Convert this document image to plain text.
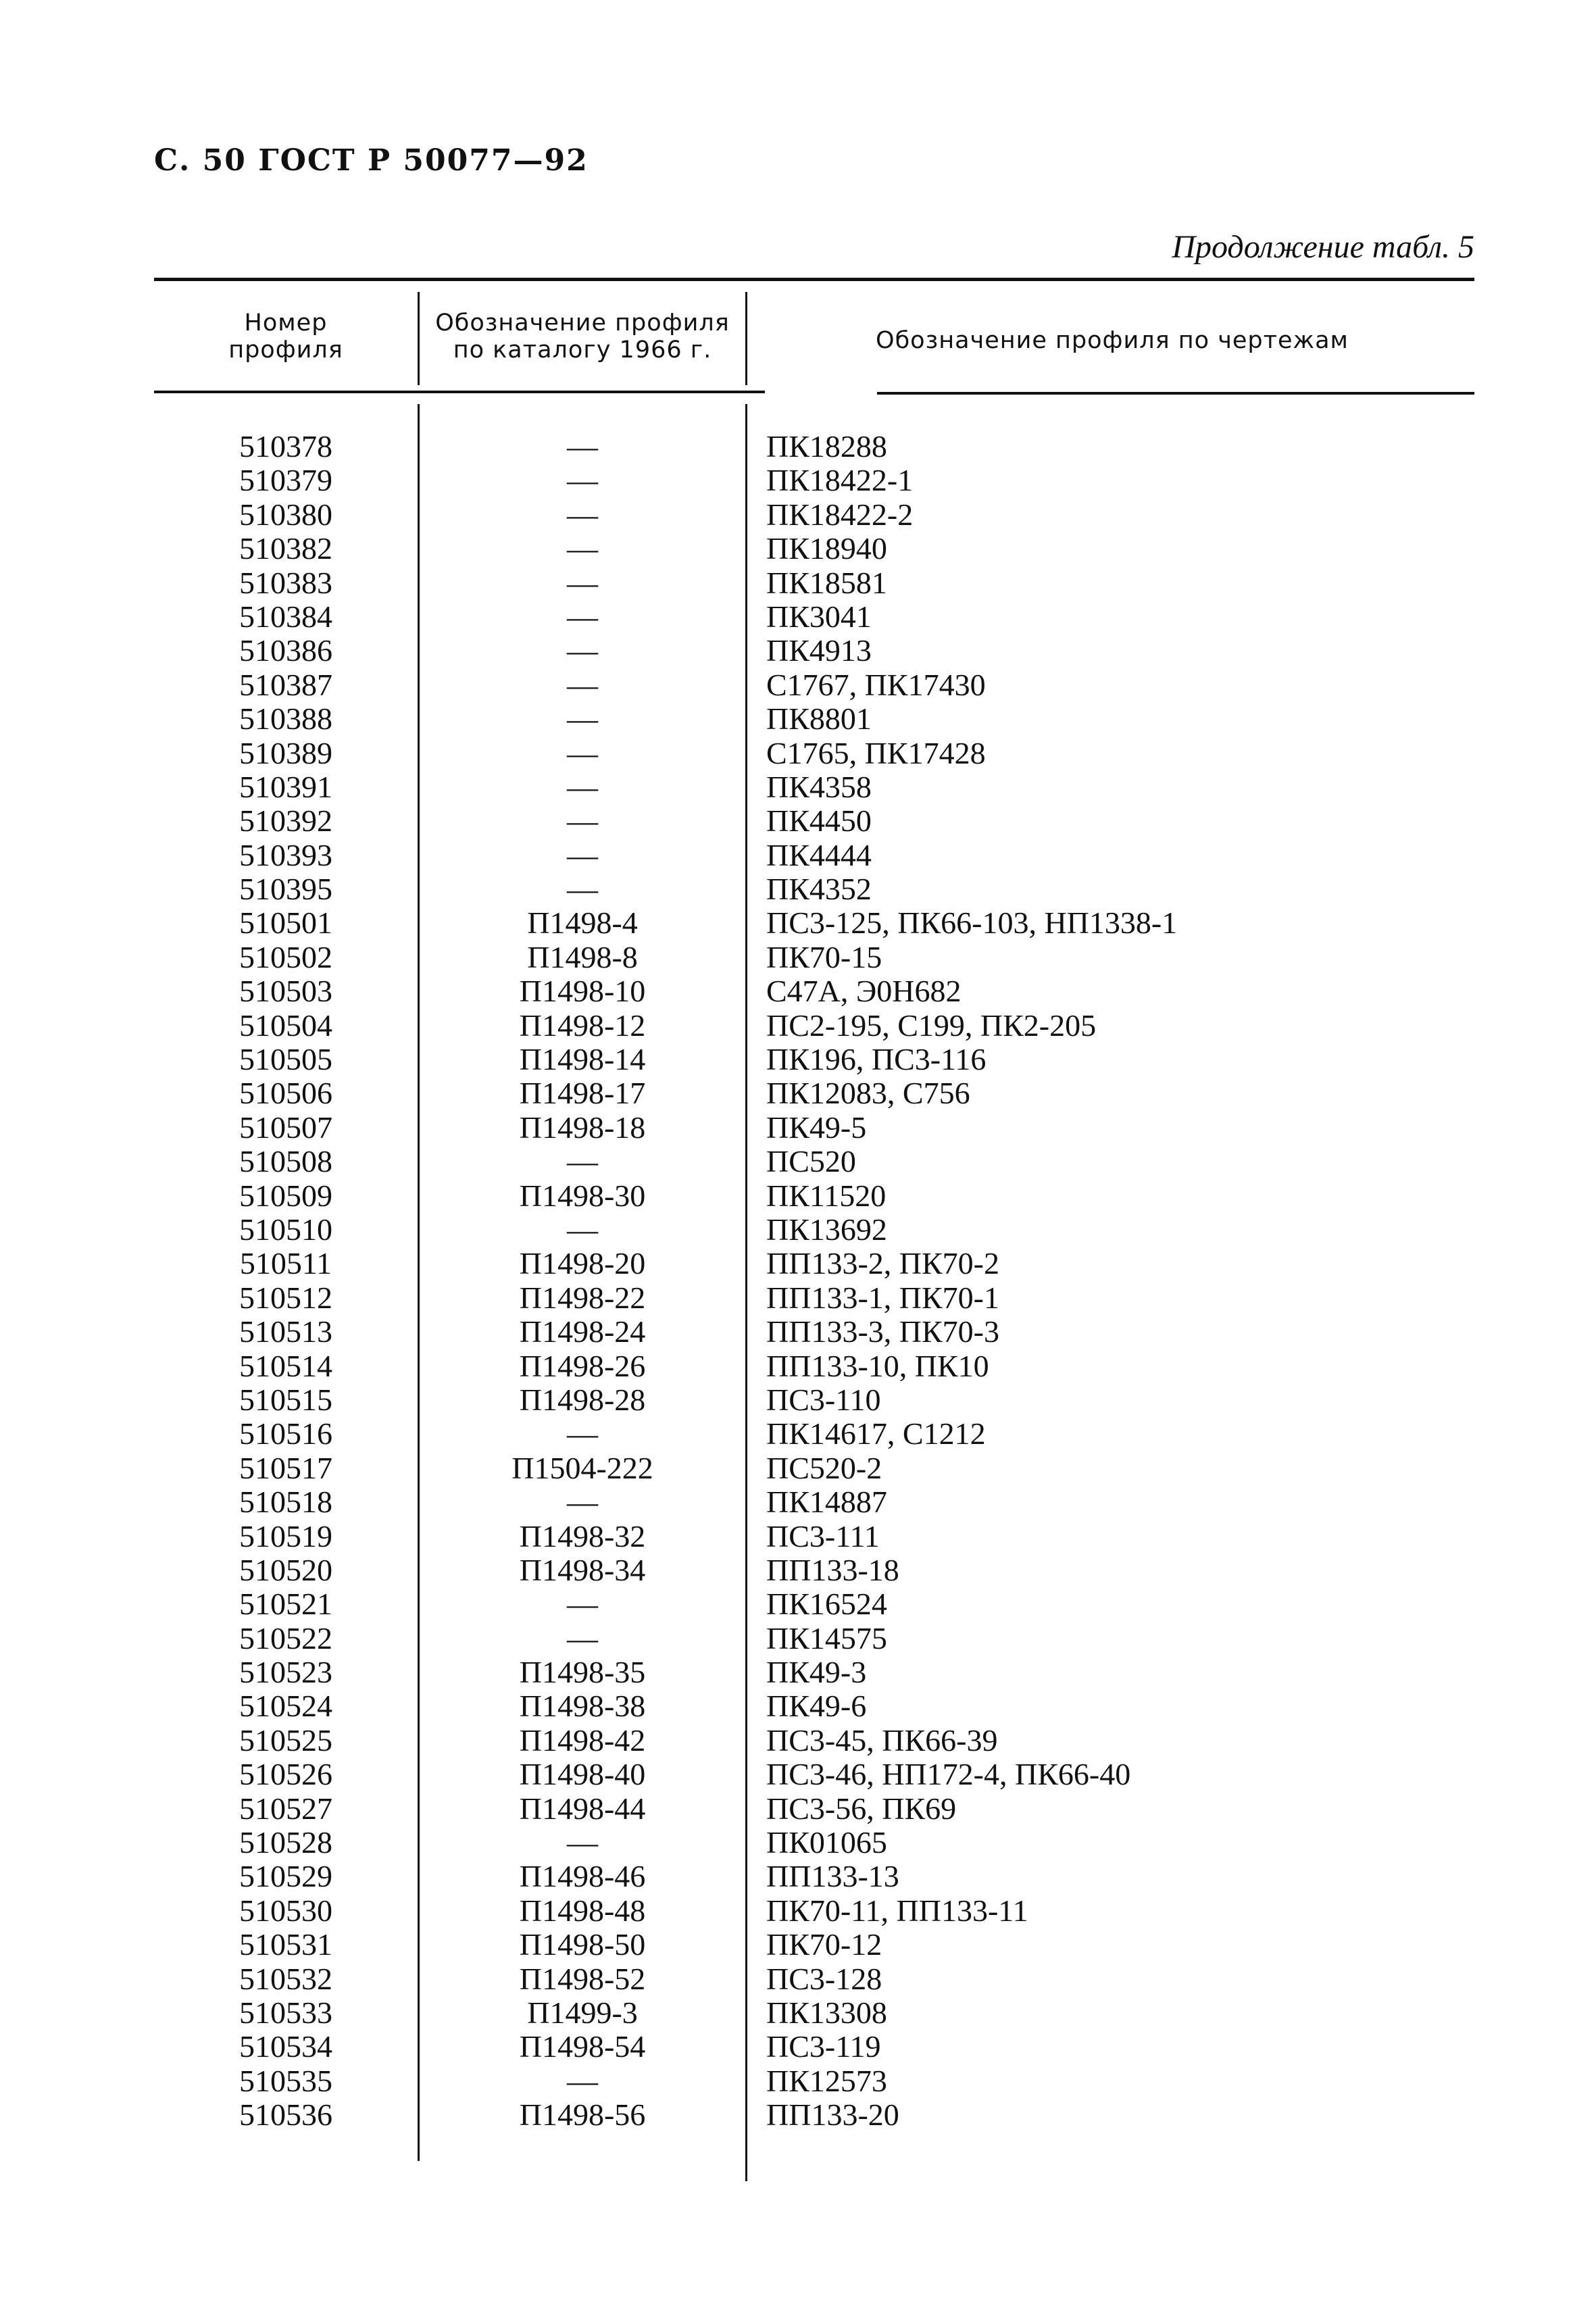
С. 50 ГОСТ Р 50077—92
Продолжение табл. 5
Номер
профиля
Обозначение профиля
по каталогу 1966 г.	Обозначение профиля по чертежам
510378	—	ПК18288
510379	—	ПК18422-1
510380	—	ПК18422-2
510382	—	ПК18940
510383	—	ПК18581
510384	—	ПК3041
510386	—	ПК4913
510387	—	С1767, ПК17430
510388	—	ПК8801
510389	—	С1765, ПК17428
510391	—	ПК4358
510392	—	ПК4450
510393	—	ПК4444
510395	—	ПК4352
510501	П1498-4	ПС3-125, ПК66-103, НП1338-1
510502	П1498-8	ПК70-15
510503	П1498-10	С47А, Э0Н682
510504	П1498-12	ПС2-195, С199, ПК2-205
510505	П1498-14	ПК196, ПС3-116
510506	П1498-17	ПК12083, С756
510507	П1498-18	ПК49-5
510508	—	ПС520
510509	П1498-30	ПК11520
510510	—	ПК13692
510511	П1498-20	ПП133-2, ПК70-2
510512	П1498-22	ПП133-1, ПК70-1
510513	П1498-24	ПП133-3, ПК70-3
510514	П1498-26	ПП133-10, ПК10
510515	П1498-28	ПС3-110
510516	—	ПК14617, С1212
510517	П1504-222	ПС520-2
510518	—	ПК14887
510519	П1498-32	ПС3-111
510520	П1498-34	ПП133-18
510521	—	ПК16524
510522	—	ПК14575
510523	П1498-35	ПК49-3
510524	П1498-38	ПК49-6
510525	П1498-42	ПС3-45, ПК66-39
510526	П1498-40	ПС3-46, НП172-4, ПК66-40
510527	П1498-44	ПС3-56, ПК69
510528	—	ПК01065
510529	П1498-46	ПП133-13
510530	П1498-48	ПК70-11, ПП133-11
510531	П1498-50	ПК70-12
510532	П1498-52	ПС3-128
510533	П1499-3	ПК13308
510534	П1498-54	ПС3-119
510535	—	ПК12573
510536	П1498-56	ПП133-20
